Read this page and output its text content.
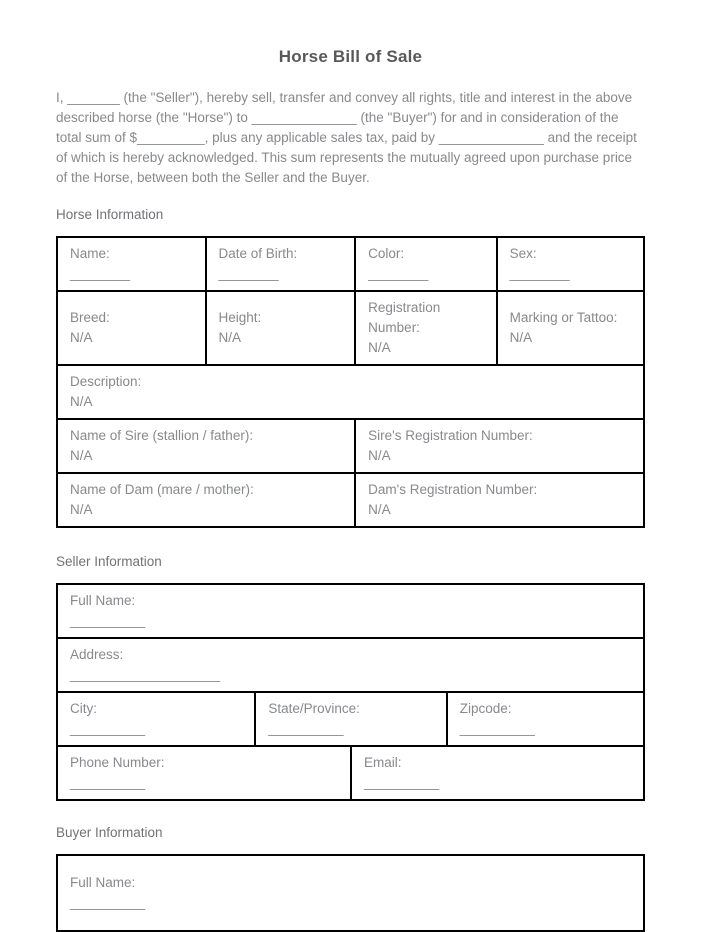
Horse Bill of Sale

I, _______ (the "Seller"), hereby sell, transfer and convey all rights, title and interest in the above described horse (the "Horse") to ______________ (the "Buyer") for and in consideration of the total sum of $_________, plus any applicable sales tax, paid by ______________ and the receipt of which is hereby acknowledged. This sum represents the mutually agreed upon purchase price of the Horse, between both the Seller and the Buyer.

Horse Information
Name:
________	Date of Birth:
________	Color:
________	Sex:
________

Breed:
N/A	Height:
N/A	Registration Number:
N/A	Marking or Tattoo:
N/A

Description:
N/A			

Name of Sire (stallion / father):
N/A		Sire's Registration Number:
N/A	

Name of Dam (mare / mother):
N/A		Dam's Registration Number:
N/A	
Seller Information
Full Name:
__________			

Address:
____________________			

City:
__________	State/Province:
__________		Zipcode:
__________

Phone Number:
__________		Email:
__________	
Buyer Information
Full Name:
__________
